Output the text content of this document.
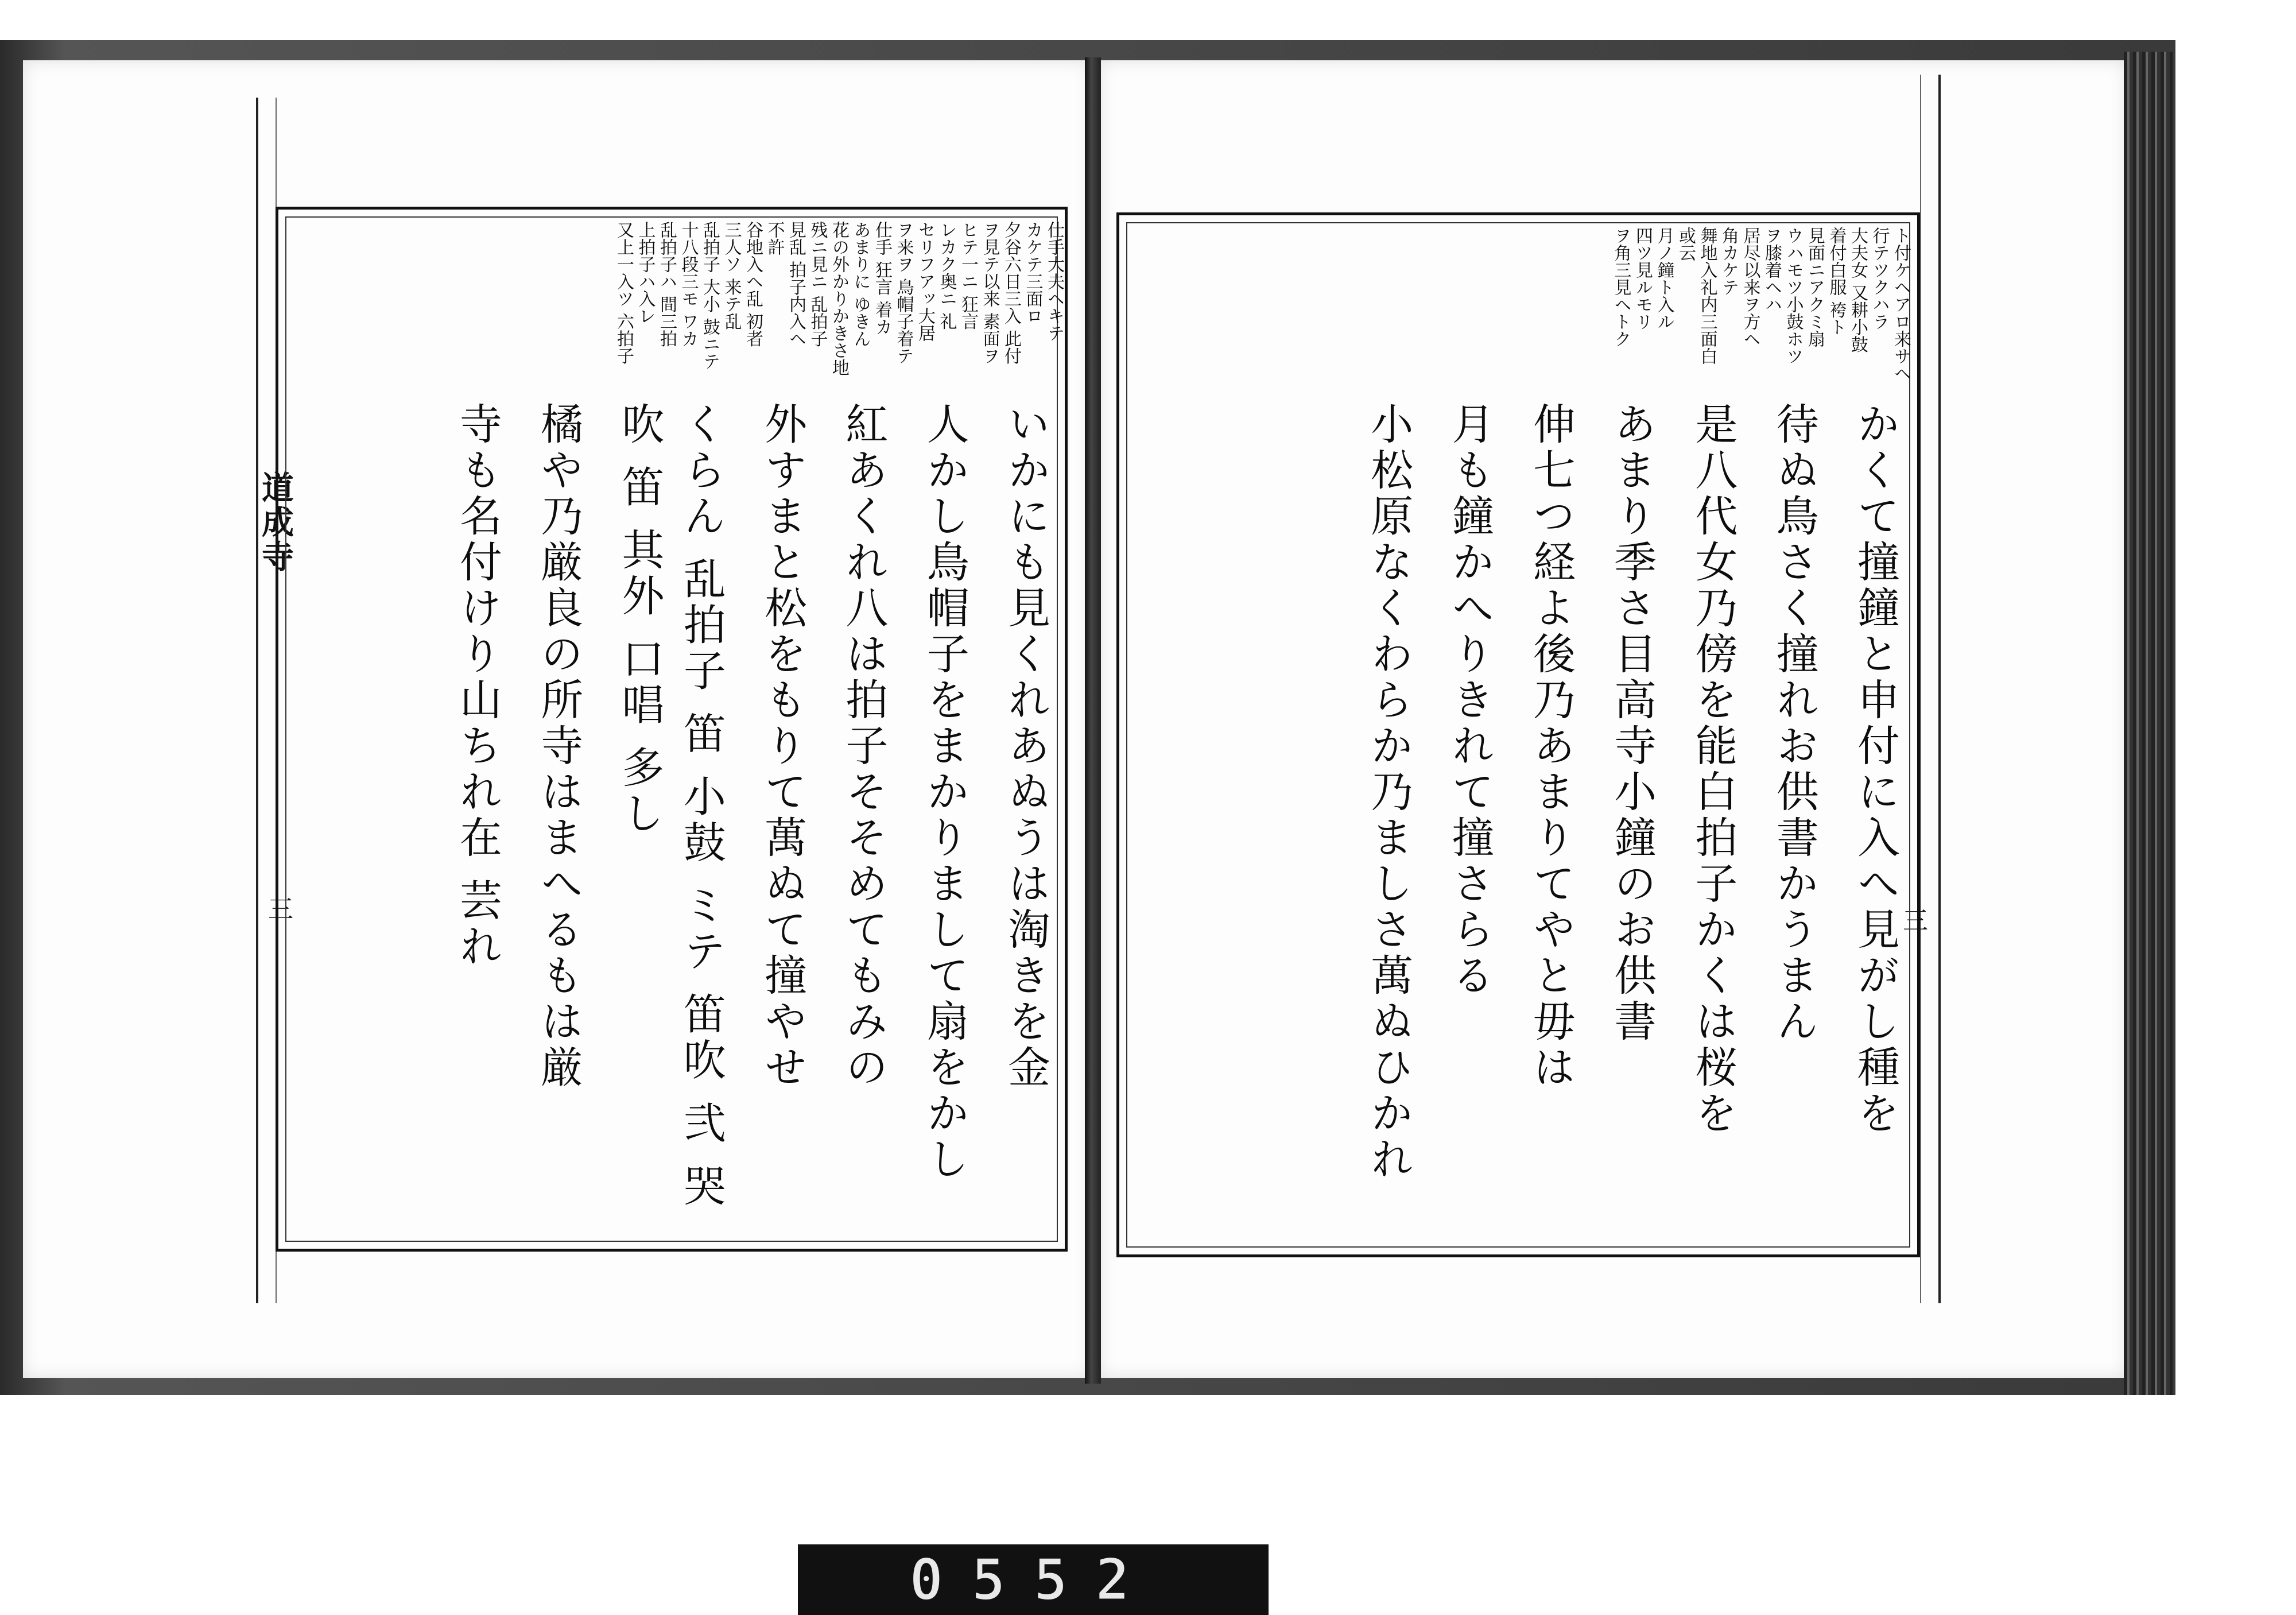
道成寺
三	三
ト付ケヘアロ来サヘ
行テツクハラ
大夫女 又耕小鼓
着付白服 袴ト
見面ニアクミ扇
ウハモツ小鼓ホツ
ヲ膝着ヘハ
居尽以来ヲ方ヘ
角カケテ
舞地入礼内三面白
或云
月ノ鐘ト入ル
四ツ見ルモリ
ヲ角三見ヘトク
かくて撞鐘と申付に入へ見がし種を
待ぬ鳥さく撞れお供書かうまん
是八代女乃傍を能白拍子かくは桜を
あまり季さ目高寺小鐘のお供書
伸七つ経よ後乃あまりてやと毋は
月も鐘かへりきれて撞さらる
小松原なくわらか乃ましさ萬ぬひかれ
仕手大夫ヘキテ
カケテ三面ロ
夕谷六日三入 此付
ヲ見テ以来 素面ヲ
ヒテ一ニ 狂言
レカク奥ニ 礼
セリフアッ大居
ヲ来ヲ 鳥帽子着テ
仕手 狂言 着カ
あまりに ゆきん
花の外かりかきさ地
残ニ見ニ 乱拍子
見乱 拍子内入ヘ
不許
谷地入ヘ乱 初者
三人ソ 来テ乱
乱拍子 大小 鼓ニテ
十八段三モ ワカ
乱拍子ハ 間三拍
上拍子ハ入レ
又上一入ツ 六拍子
いかにも見くれあぬうは淘きを金
人かし鳥帽子をまかりまして扇をかし
紅あくれ八は拍子そそめてもみの
外すまと松をもりて萬ぬて撞やせ
くらん 乱拍子 笛 小鼓 ミテ 笛吹 弐 哭吹 笛 其外 口唱 多し
橘や乃厳良の所寺はまへるもは厳
寺も名付けり山ちれ在 芸れ
0552
